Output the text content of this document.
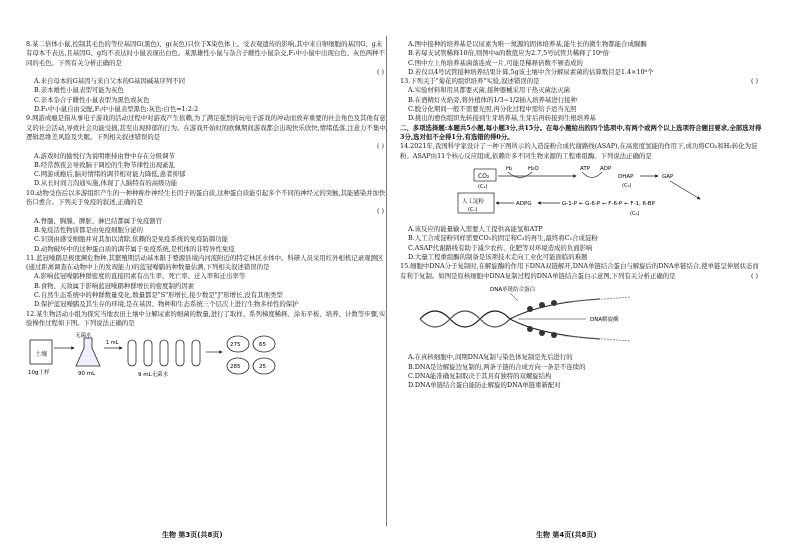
8.某二倍体小鼠,控制其毛色的等位基因G(黑色)、g(灰色)只位于X染色体上。受表观遗传的影响,其中来自卵细胞的基因G、g未有母本不表达,且基因G、g均不表达时小鼠表现出白色。某黑雄性小鼠与杂合子雌性小鼠杂交,F₁中小鼠中出现白色、灰色两种不同的毛色。下列有关分析正确的是

( )

A.来自母本的G基因与来自父本的G基因碱基序列不同

B.亲本雄性小鼠表型可能为灰色

C.亲本杂合子雌性小鼠表型为黑色或灰色

D.F₁中小鼠自由交配,F₂中小鼠表型黑色:灰色:白色=1:2:2

9.网游成瘾是指从事电子游戏的活动过程中对游戏产生依赖,为了满足强烈的玩电子游戏的冲动而放弃重要的社会角色及其他有意义的社会活动,导致社会功能受损,甚至出现抑郁的行为。在游戏开始时的欧佩期间游戏都会出现快乐欣快,情绪低落,注意力不集中,逻辑思维差风险及失眠。下列相关叙述错误的是

( )

A.游戏时的愉悦行为说明维持由脊中存在分级调节

B.经常熬夜会导致脑干调控的生物节律性出现紊乱

C.网游成瘾后,脑对情绪的调节相对能力降低,患者抑郁

D.从长时间言沟通实施,体现了人脑特有的高级功能

10.动物受伤后以多游组织产生的一种种称作神经生长因子的蛋白质,这种蛋白质能引起多个不同的神经元的突触,其能感染并加快伤口愈合。下列关于免疫的叙述,正确的是

( )

A.脊髓、胸腺、脾脏、淋巴结都属于免疫器官

B.免疫活性物质都是由免疫细胞分泌的

C.识别由感受细胞并对其加以清除,依赖的是免疫系统的免疫防御功能

D.动物破坏中的这种蛋白质的调节属于免疫系统,是机体的非特异性免疫

11.蓝冠噪鹛是极度濒危物种,其繁殖期活动基本限于婺源县境内河流附近的特定林区水体中。科研人员采用红外相机记录观测区(通过距离调查在动物中上的发现能力)的蓝冠噪鹛的种数量估测,下列相关叙述错误的是

A.影响蓝冠噪鹛种群密度的直接因素有出生率、死亡率、迁入率和迁出率等

B.食物、天敌属于影响蓝冠噪鹛种群增长的密度制约因素

C.自然生态系统中的种群数量变化,数量都是"S"形增长,接少数是"J"形增长,没有其他类型

D.保护蓝冠噪鹛及其生存的环境,是在基因、物种和生态系统三个层次上进行生物多样性的保护

12.某生物活动小组为探究当地农田土壤中分解尿素的细菌的数量,进行了取样、系列梯度稀释、涂布平板、培养、计数等步骤,实验操作过程如下图。下列说法正确的是

土壤
10g土样
无菌水
90 mL
1 mL
9 mL无菌水
275	65
285	25

A.图中接种的培养基是以尿素为唯一氮源的固体培养基,能生长的微生物都能合成脲酶

B.若每支试管稀释10倍,则图中a的数值应为2.7,5号试管共稀释了10⁶倍

C.图中左上角培养基菌落连成一片,可能是稀释倍数不够造成的

D.若仅以4号试管接种培养结果计算,5g该土壤中含分解尿素菌的估算数目是1.4×10⁸个

13.下列关于"菊花的组织培养"实验,叙述错误的是	( )

A.实验材料和用具都要灭菌,接种器械采用干热灭菌法灭菌

B.在酒精灯火焰旁,将外植体的1/3~1/2插入培养基进行接种

C.脱分化期间一般不需要光照,再分化过程中需给予适当光照

D.挑出的愈伤组织先转接到生芽培养基,生芽后再转接到生根培养基

二、多项选择题:本题共5小题,每小题3分,共15分。在每小题给出的四个选项中,有两个或两个以上选项符合题目要求,全部选对得3分,选对但不全得1分,有选错的得0分。

14.2021年,我国科学家设计了一种下图所示的人造淀粉合成代谢路线(ASAP),在高密度氢能的作用下,成功将CO₂和H₂转化为淀粉。ASAP由11个核心反应组成,依赖许多不同生物来源的工程重组酶。下列说法正确的是

CO₂
(C₁)
H₂	H₂O	ATP ADP
DHAP
(C₃)
GAP
G-1-P ← G-6-P ← F-6-P ← F-1, 6-BP
(C₆)
ADPG
人工淀粉
(Cₙ)

A.该反应的能量输入需要人工提供高能氢和ATP

B.人工合成淀粉同样需要CO₂的固定和C₃的再生,最终将C₁合成淀粉

C.ASAP代谢路线有助于减少农药、化肥等对环境造成的负面影响

D.大量工程重组酶的制备是该项技术走向工业化可能面临的难题

15.细胞中DNA分子复制时,在解旋酶的作用下DNA双链解开,DNA单链结合蛋白与解旋后的DNA单链结合,使单链呈伸展状态而有利于复制。如图是原核细胞中DNA复制过程的DNA单链结合蛋白示意图,下列有关分析正确的是	( )

DNA单链结合蛋白
DNA解旋酶

A.在真核细胞中,间期DNA复制与染色体复制是先后进行的

B.DNA是边解旋边复制的,两条子链的合成方向一条是不连续的

C.DNA能准确复制取决于其具有独特的双螺旋结构

D.DNA单链结合蛋白能防止解旋的DNA单链重新配对

生物 第3页(共8页)	生物 第4页(共8页)
